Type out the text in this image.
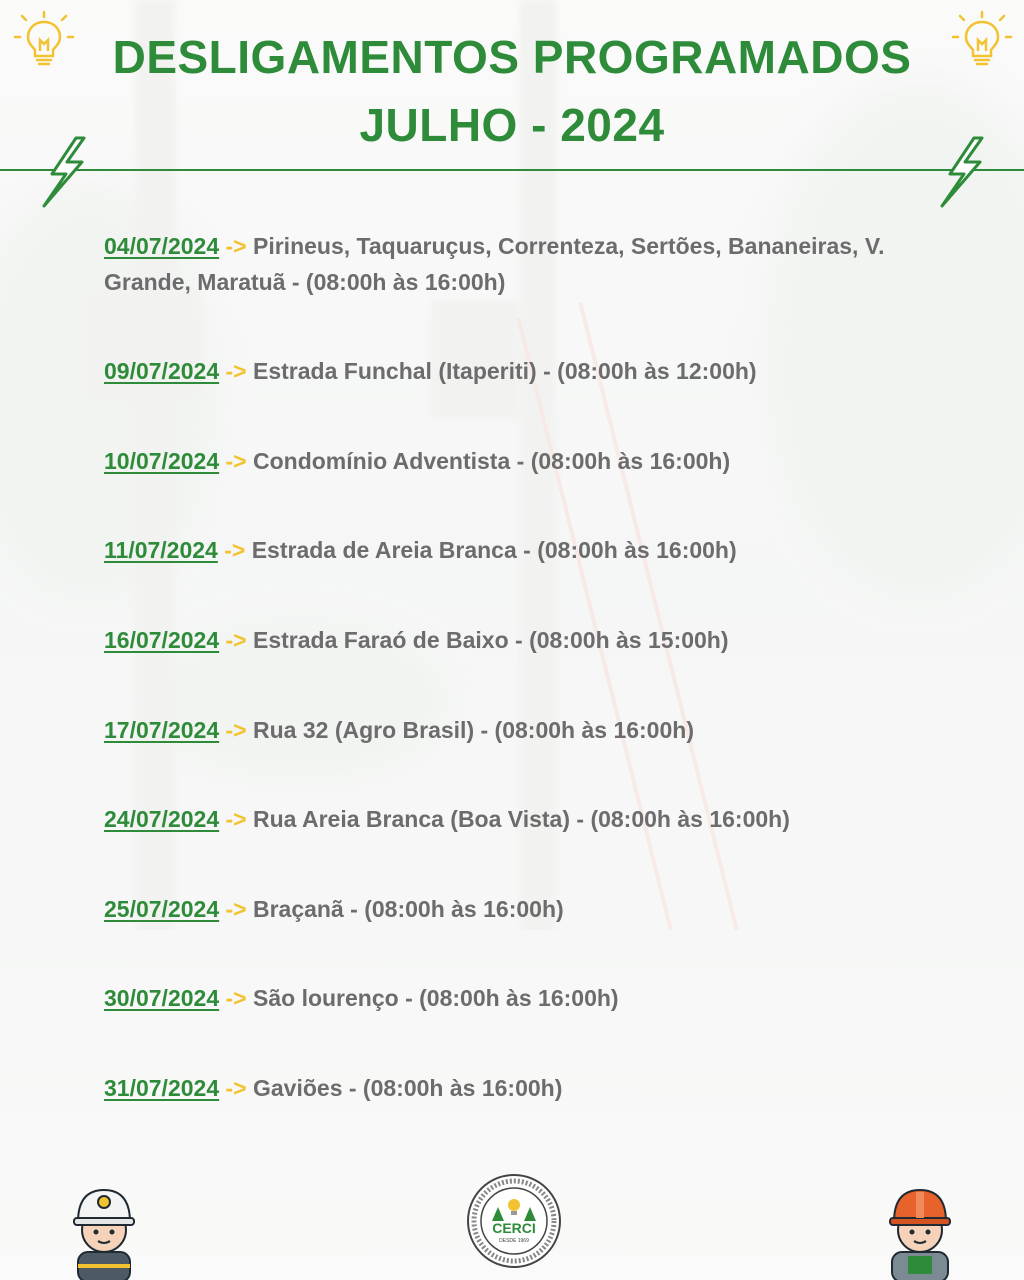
DESLIGAMENTOS PROGRAMADOS
JULHO - 2024
04/07/2024 -> Pirineus, Taquaruçus, Correnteza, Sertões, Bananeiras, V. Grande, Maratuã - (08:00h às 16:00h)
09/07/2024 -> Estrada Funchal (Itaperiti) - (08:00h às 12:00h)
10/07/2024 -> Condomínio Adventista - (08:00h às 16:00h)
11/07/2024 -> Estrada de Areia Branca - (08:00h às 16:00h)
16/07/2024 -> Estrada Faraó de Baixo - (08:00h às 15:00h)
17/07/2024 -> Rua 32 (Agro Brasil) - (08:00h às 16:00h)
24/07/2024 -> Rua Areia Branca (Boa Vista) - (08:00h às 16:00h)
25/07/2024 -> Braçanã - (08:00h às 16:00h)
30/07/2024 -> São lourenço - (08:00h às 16:00h)
31/07/2024 -> Gaviões - (08:00h às 16:00h)
CERCI
DESDE 1969
